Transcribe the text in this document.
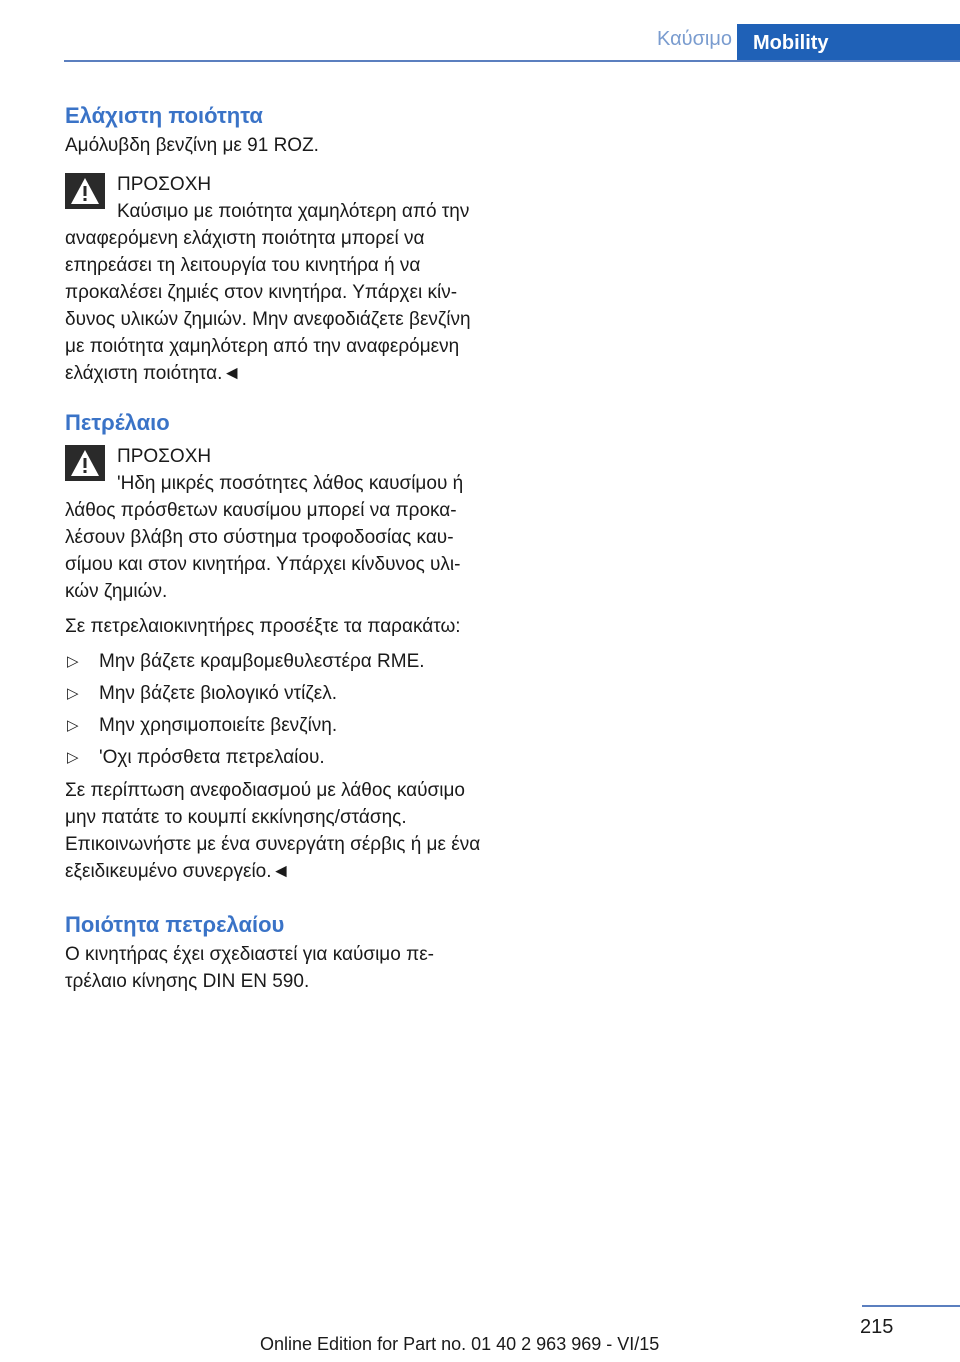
Καύσιμο	Mobility
Ελάχιστη ποιότητα

Αμόλυβδη βενζίνη με 91 ROZ.

ΠΡΟΣΟΧΗ

Καύσιμο με ποιότητα χαμηλότερη από την αναφερόμενη ελάχιστη ποιότητα μπορεί να επηρεάσει τη λειτουργία του κινητήρα ή να προκαλέσει ζημιές στον κινητήρα. Υπάρχει κίνδυνος υλικών ζημιών. Μην ανεφοδιάζετε βενζίνη με ποιότητα χαμηλότερη από την αναφερόμενη ελάχιστη ποιότητα.◄

Πετρέλαιο

ΠΡΟΣΟΧΗ

'Ηδη μικρές ποσότητες λάθος καυσίμου ή λάθος πρόσθετων καυσίμου μπορεί να προκαλέσουν βλάβη στο σύστημα τροφοδοσίας καυσίμου και στον κινητήρα. Υπάρχει κίνδυνος υλικών ζημιών.

Σε πετρελαιοκινητήρες προσέξτε τα παρακάτω:

▷ Μην βάζετε κραμβομεθυλεστέρα RME.
▷ Μην βάζετε βιολογικό ντίζελ.
▷ Μην χρησιμοποιείτε βενζίνη.
▷ 'Οχι πρόσθετα πετρελαίου.

Σε περίπτωση ανεφοδιασμού με λάθος καύσιμο μην πατάτε το κουμπί εκκίνησης/στάσης. Επικοινωνήστε με ένα συνεργάτη σέρβις ή με ένα εξειδικευμένο συνεργείο.◄

Ποιότητα πετρελαίου

Ο κινητήρας έχει σχεδιαστεί για καύσιμο πετρέλαιο κίνησης DIN EN 590.

215
Online Edition for Part no. 01 40 2 963 969 - VI/15
